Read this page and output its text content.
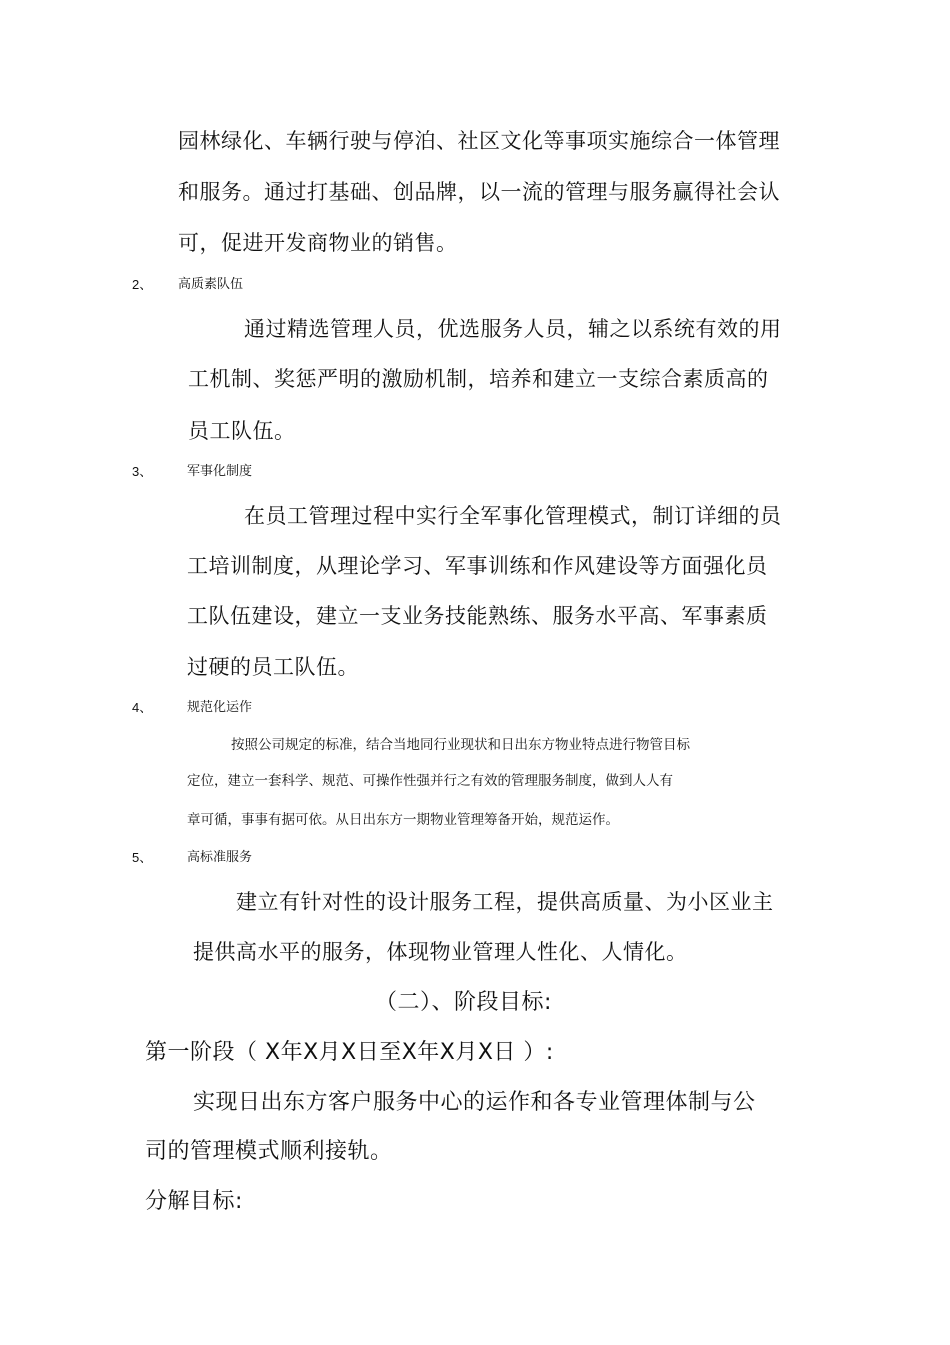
园林绿化、车辆行驶与停泊、社区文化等事项实施综合一体管理
和服务。通过打基础、创品牌，以一流的管理与服务赢得社会认
可，促进开发商物业的销售。
2、 高质素队伍
通过精选管理人员，优选服务人员，辅之以系统有效的用
工机制、奖惩严明的激励机制，培养和建立一支综合素质高的
员工队伍。
3、	军事化制度
在员工管理过程中实行全军事化管理模式，制订详细的员
工培训制度，从理论学习、军事训练和作风建设等方面强化员
工队伍建设，建立一支业务技能熟练、服务水平高、军事素质
过硬的员工队伍。
4、	规范化运作
按照公司规定的标准，结合当地同行业现状和日出东方物业特点进行物管目标
定位，建立一套科学、规范、可操作性强并行之有效的管理服务制度，做到人人有
章可循，事事有据可依。从日出东方一期物业管理筹备开始，规范运作。
5、	高标准服务
建立有针对性的设计服务工程，提供高质量、为小区业主
提供高水平的服务，体现物业管理人性化、人情化。
（二）、阶段目标:
第一阶段（ X年X月X日至X年X月X日 ）:
实现日出东方客户服务中心的运作和各专业管理体制与公
司的管理模式顺利接轨。
分解目标:
